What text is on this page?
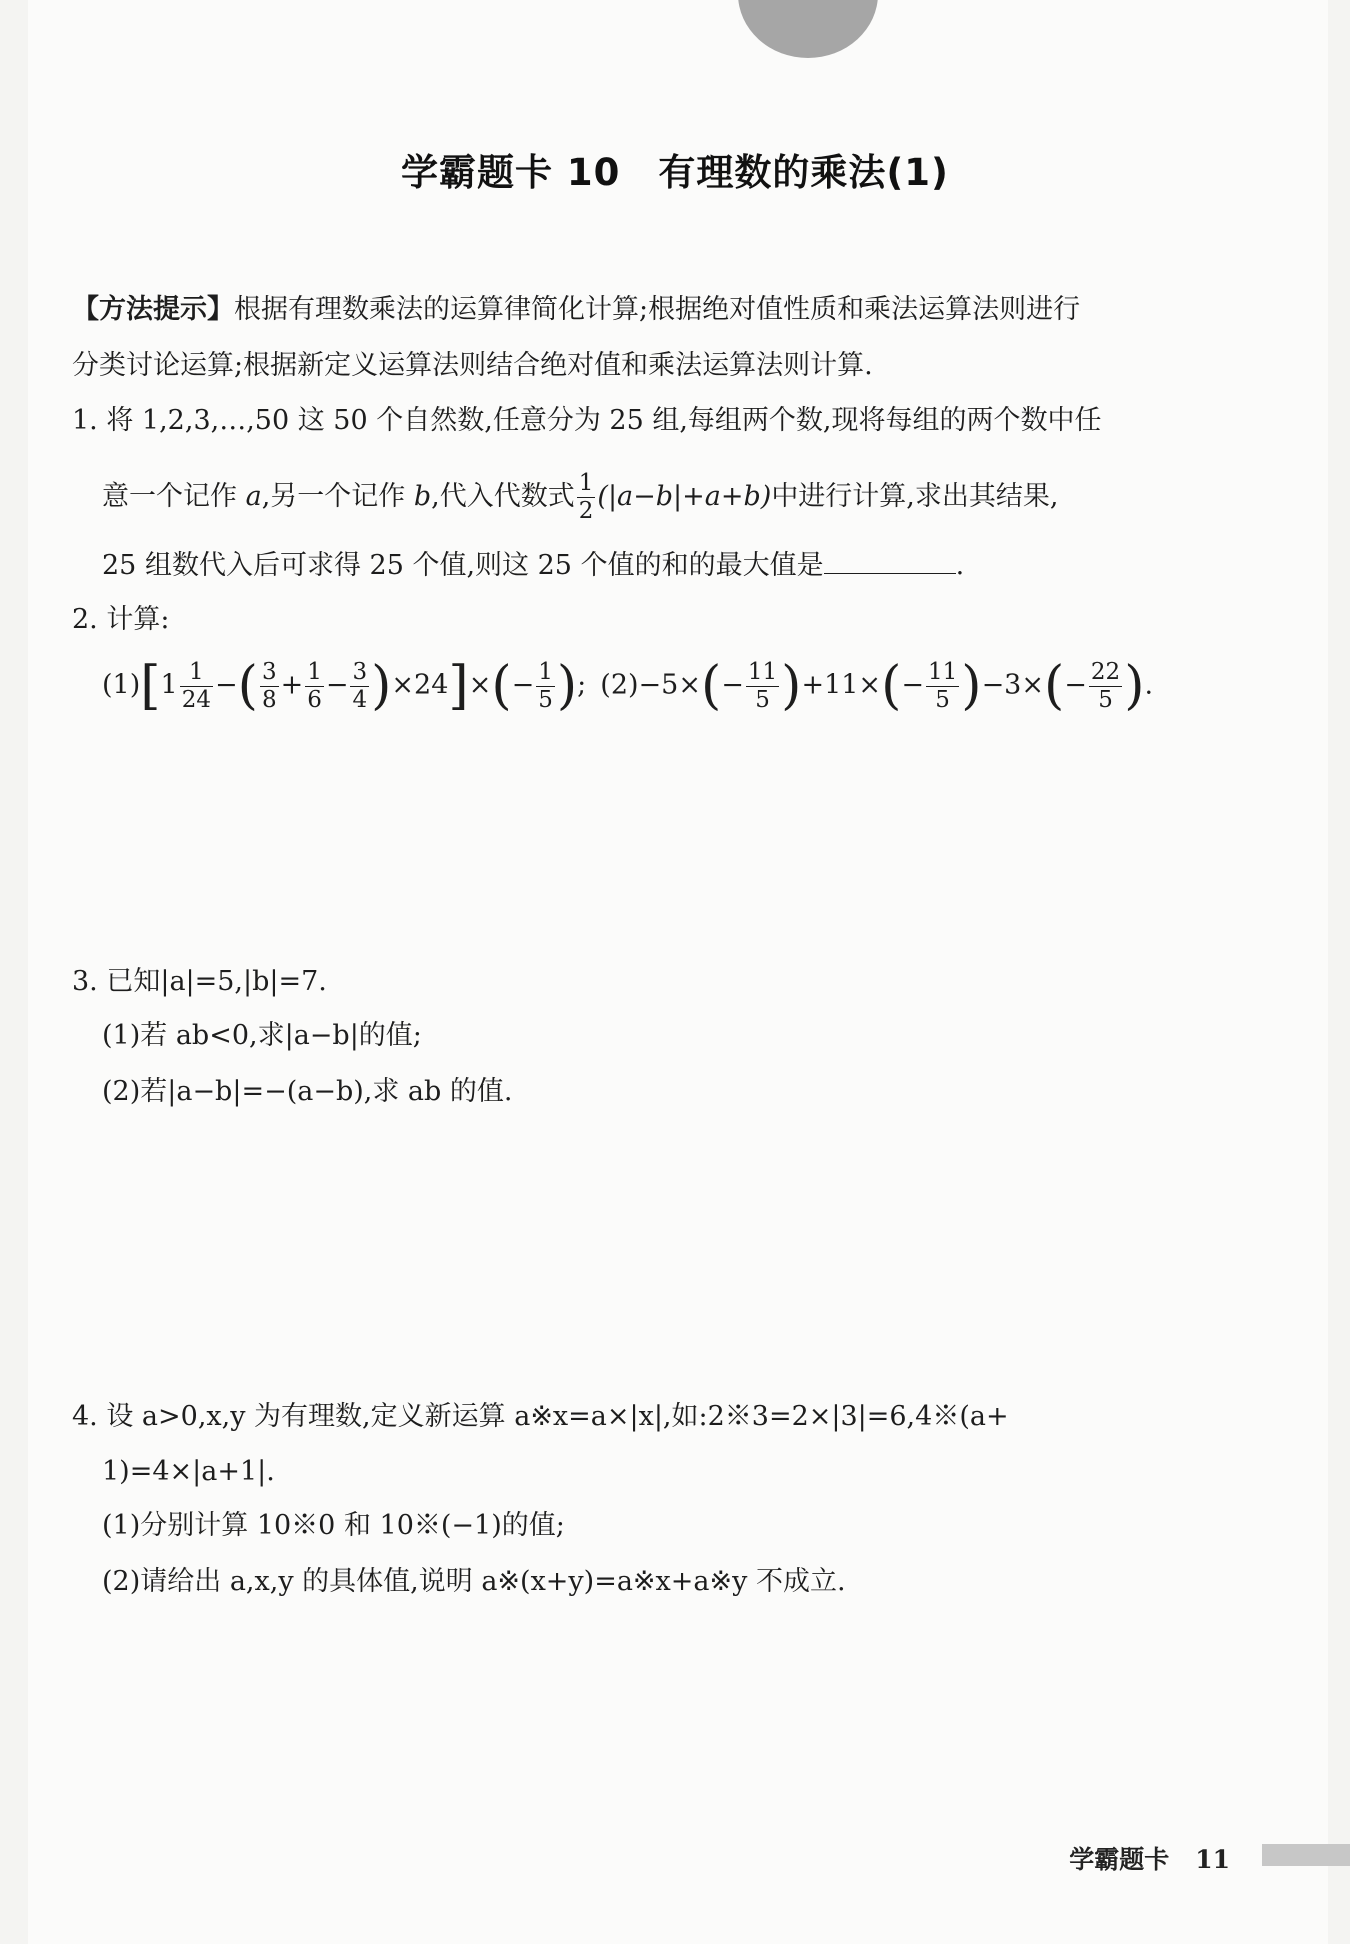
学霸题卡 10　有理数的乘法(1)
【方法提示】根据有理数乘法的运算律简化计算;根据绝对值性质和乘法运算法则进行
分类讨论运算;根据新定义运算法则结合绝对值和乘法运算法则计算.
1. 将 1,2,3,…,50 这 50 个自然数,任意分为 25 组,每组两个数,现将每组的两个数中任
意一个记作 a,另一个记作 b,代入代数式 $\frac{1}{2} (|a-b|+a+b)$中进行计算,求出其结果,
25 组数代入后可求得 25 个值,则这 25 个值的和的最大值是	.
2. 计算:
$(1)[1 \frac{1}{24}$ −( $\frac{3}{8} + \frac{1}{6} - \frac{3}{4} )\times 24]\times(- \frac{1}{5}$ ); $(2)-5\times(- \frac{11}{5} )+11\times(- \frac{11}{5} )-3\times(- \frac{22}{5}$ ).
3. 已知|a|=5,|b|=7.
(1)若 ab<0,求|a−b|的值;
(2)若|a−b|=−(a−b),求 ab 的值.
4. 设 a>0,x,y 为有理数,定义新运算 a※x=a×|x|,如:2※3=2×|3|=6,4※(a+
1)=4×|a+1|.
(1)分别计算 10※0 和 10※(−1)的值;
(2)请给出 a,x,y 的具体值,说明 a※(x+y)=a※x+a※y 不成立.
学霸题卡 11
